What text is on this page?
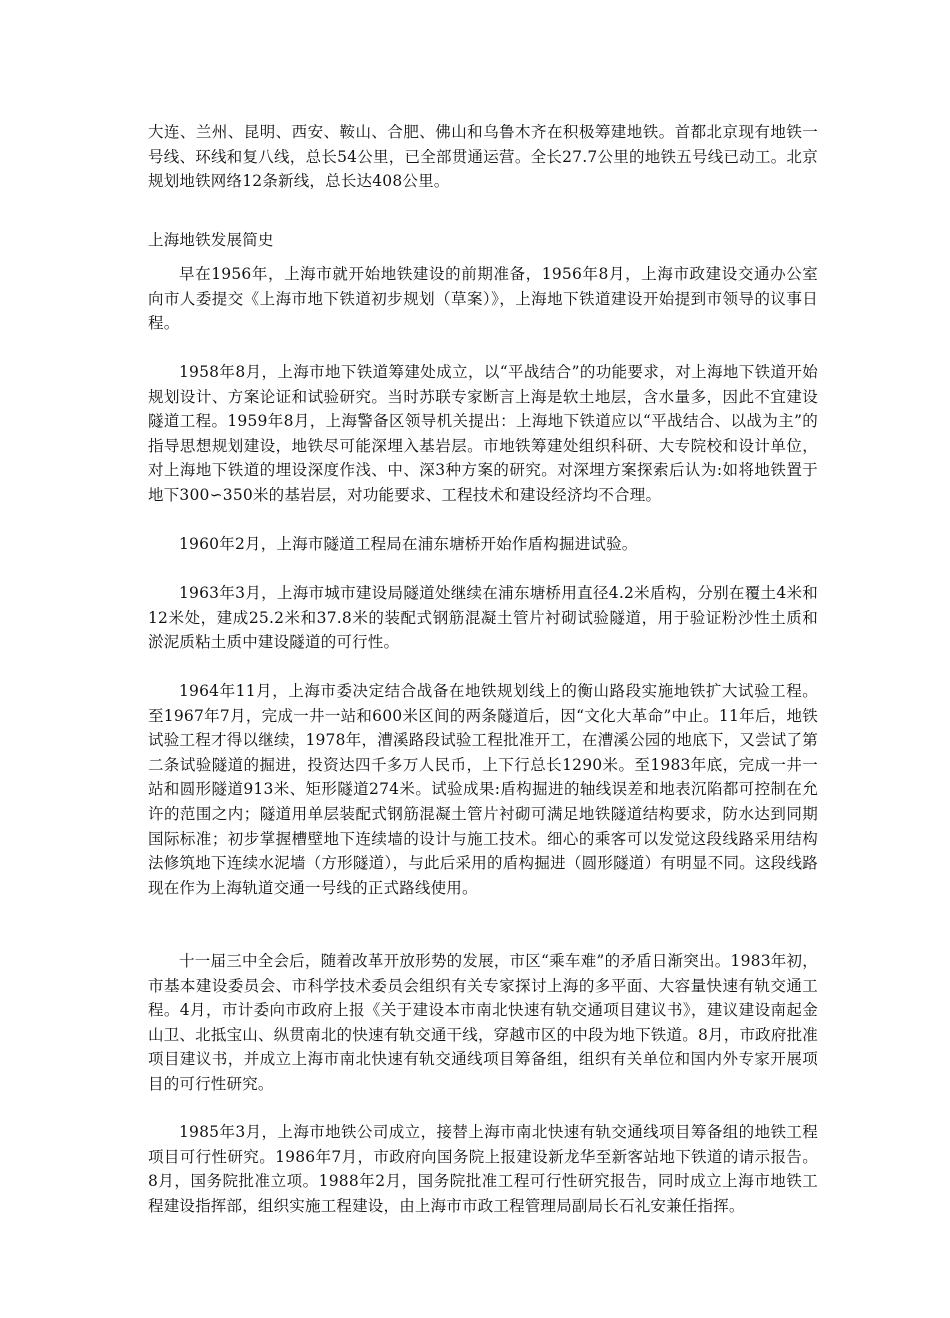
大连、兰州、昆明、西安、鞍山、合肥、佛山和乌鲁木齐在积极筹建地铁。首都北京现有地铁一号线、环线和复八线，总长54公里，已全部贯通运营。全长27.7公里的地铁五号线已动工。北京规划地铁网络12条新线，总长达408公里。

上海地铁发展简史

早在1956年，上海市就开始地铁建设的前期准备，1956年8月，上海市政建设交通办公室向市人委提交《上海市地下铁道初步规划（草案）》，上海地下铁道建设开始提到市领导的议事日程。

1958年8月，上海市地下铁道筹建处成立，以“平战结合”的功能要求，对上海地下铁道开始规划设计、方案论证和试验研究。当时苏联专家断言上海是软土地层，含水量多，因此不宜建设隧道工程。1959年8月，上海警备区领导机关提出：上海地下铁道应以“平战结合、以战为主”的指导思想规划建设，地铁尽可能深埋入基岩层。市地铁筹建处组织科研、大专院校和设计单位，对上海地下铁道的埋设深度作浅、中、深3种方案的研究。对深埋方案探索后认为:如将地铁置于地下300∽350米的基岩层，对功能要求、工程技术和建设经济均不合理。

1960年2月，上海市隧道工程局在浦东塘桥开始作盾构掘进试验。

1963年3月，上海市城市建设局隧道处继续在浦东塘桥用直径4.2米盾构，分别在覆土4米和12米处，建成25.2米和37.8米的装配式钢筋混凝土管片衬砌试验隧道，用于验证粉沙性土质和淤泥质粘土质中建设隧道的可行性。

1964年11月，上海市委决定结合战备在地铁规划线上的衡山路段实施地铁扩大试验工程。至1967年7月，完成一井一站和600米区间的两条隧道后，因“文化大革命”中止。11年后，地铁试验工程才得以继续，1978年，漕溪路段试验工程批准开工，在漕溪公园的地底下，又尝试了第二条试验隧道的掘进，投资达四千多万人民币，上下行总长1290米。至1983年底，完成一井一站和圆形隧道913米、矩形隧道274米。试验成果:盾构掘进的轴线误差和地表沉陷都可控制在允许的范围之内；隧道用单层装配式钢筋混凝土管片衬砌可满足地铁隧道结构要求，防水达到同期国际标准；初步掌握槽壁地下连续墙的设计与施工技术。细心的乘客可以发觉这段线路采用结构法修筑地下连续水泥墙（方形隧道），与此后采用的盾构掘进（圆形隧道）有明显不同。这段线路现在作为上海轨道交通一号线的正式路线使用。

十一届三中全会后，随着改革开放形势的发展，市区“乘车难”的矛盾日渐突出。1983年初，市基本建设委员会、市科学技术委员会组织有关专家探讨上海的多平面、大容量快速有轨交通工程。4月，市计委向市政府上报《关于建设本市南北快速有轨交通项目建议书》，建议建设南起金山卫、北抵宝山、纵贯南北的快速有轨交通干线，穿越市区的中段为地下铁道。8月，市政府批准项目建议书，并成立上海市南北快速有轨交通线项目筹备组，组织有关单位和国内外专家开展项目的可行性研究。

1985年3月，上海市地铁公司成立，接替上海市南北快速有轨交通线项目筹备组的地铁工程项目可行性研究。1986年7月，市政府向国务院上报建设新龙华至新客站地下铁道的请示报告。8月，国务院批准立项。1988年2月，国务院批准工程可行性研究报告，同时成立上海市地铁工程建设指挥部，组织实施工程建设，由上海市市政工程管理局副局长石礼安兼任指挥。
